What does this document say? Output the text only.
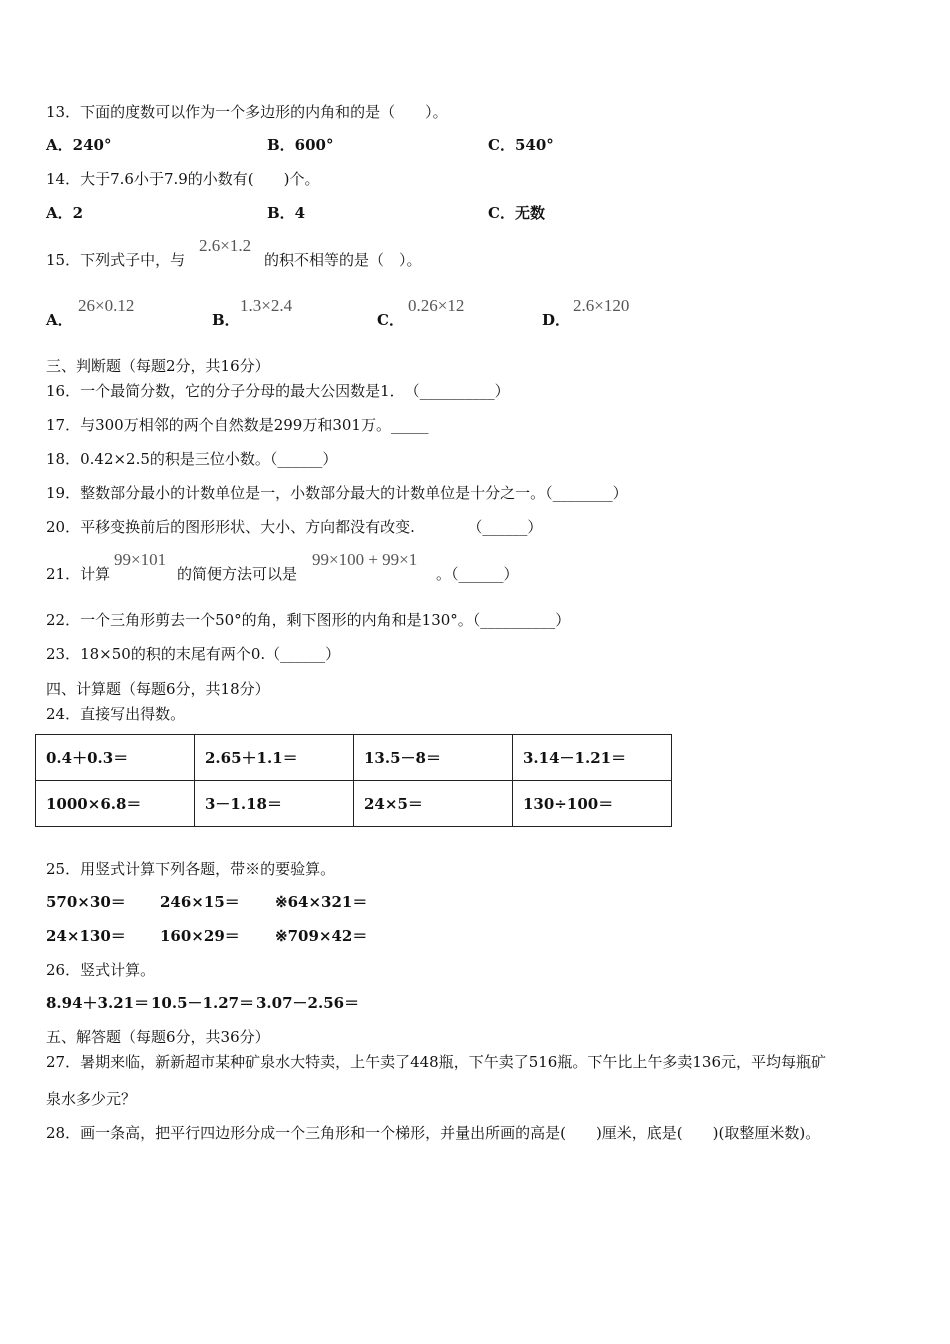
13．下面的度数可以作为一个多边形的内角和的是（　　）。
A．240°	B．600°	C．540°
14．大于7.6小于7.9的小数有(　　)个。
A．2	B．4	C．无数
15．下列式子中，与
2.6×1.2
的积不相等的是（　）。
A．
26×0.12
B．
1.3×2.4
C．
0.26×12
D．
2.6×120
三、判断题（每题2分，共16分）
16．一个最简分数，它的分子分母的最大公因数是1．　（__________）
17．与300万相邻的两个自然数是299万和301万。_____
18．0.42×2.5的积是三位小数。（______）
19．整数部分最小的计数单位是一，小数部分最大的计数单位是十分之一。（________）
20．平移变换前后的图形形状、大小、方向都没有改变.　　　　（______）
21．计算
99×101
的简便方法可以是
99×100 + 99×1
。（______）
22．一个三角形剪去一个50°的角，剩下图形的内角和是130°。（__________）
23．18×50的积的末尾有两个0.（______）
四、计算题（每题6分，共18分）
24．直接写出得数。
0.4＋0.3＝	2.65＋1.1＝	13.5－8＝	3.14－1.21＝
1000×6.8＝	3－1.18＝	24×5＝	130÷100＝
25．用竖式计算下列各题，带※的要验算。
570×30＝ 246×15＝ ※64×321＝
24×130＝ 160×29＝ ※709×42＝
26．竖式计算。
8.94＋3.21＝ 10.5－1.27＝ 3.07－2.56＝
五、解答题（每题6分，共36分）
27．暑期来临，新新超市某种矿泉水大特卖，上午卖了448瓶，下午卖了516瓶。下午比上午多卖136元，平均每瓶矿
泉水多少元？
28．画一条高，把平行四边形分成一个三角形和一个梯形，并量出所画的高是(　　)厘米，底是(　　)(取整厘米数)。
